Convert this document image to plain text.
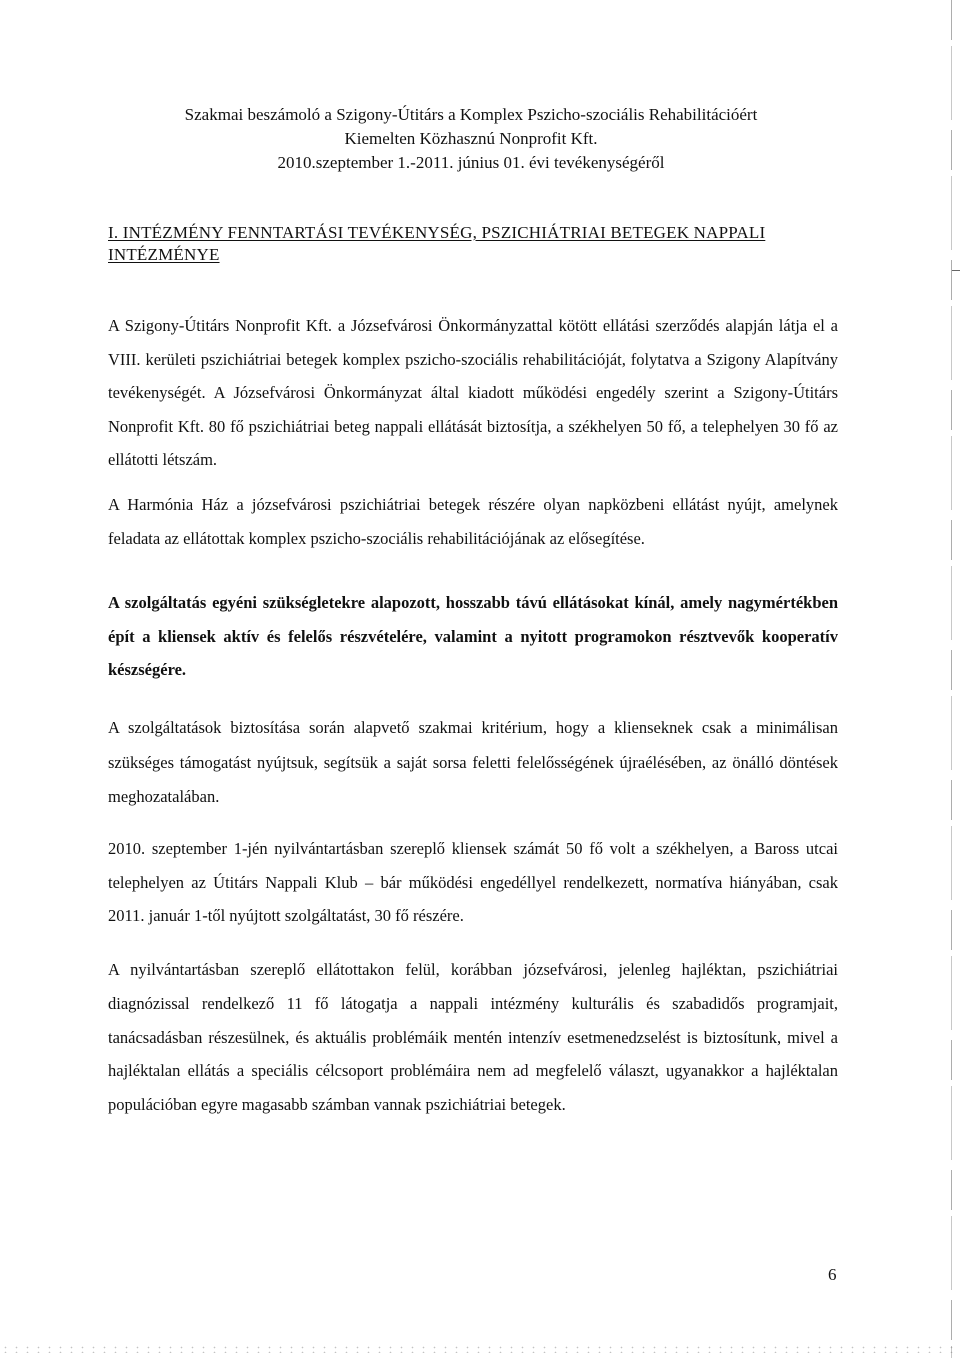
Szakmai beszámoló a Szigony-Útitárs a Komplex Pszicho-szociális Rehabilitációért
Kiemelten Közhasznú Nonprofit Kft.
2010.szeptember 1.-2011. június 01. évi tevékenységéről
I. INTÉZMÉNY FENNTARTÁSI TEVÉKENYSÉG, PSZICHIÁTRIAI BETEGEK NAPPALI INTÉZMÉNYE

A Szigony-Útitárs Nonprofit Kft. a Józsefvárosi Önkormányzattal kötött ellátási szerződés alapján látja el a VIII. kerületi pszichiátriai betegek komplex pszicho-szociális rehabilitációját, folytatva a Szigony Alapítvány tevékenységét. A Józsefvárosi Önkormányzat által kiadott működési engedély szerint a Szigony-Útitárs Nonprofit Kft. 80 fő pszichiátriai beteg nappali ellátását biztosítja, a székhelyen 50 fő, a telephelyen 30 fő az ellátotti létszám.

A Harmónia Ház a józsefvárosi pszichiátriai betegek részére olyan napközbeni ellátást nyújt, amelynek feladata az ellátottak komplex pszicho-szociális rehabilitációjának az elősegítése.

A szolgáltatás egyéni szükségletekre alapozott, hosszabb távú ellátásokat kínál, amely nagymértékben épít a kliensek aktív és felelős részvételére, valamint a nyitott programokon résztvevők kooperatív készségére.

A szolgáltatások biztosítása során alapvető szakmai kritérium, hogy a klienseknek csak a minimálisan szükséges támogatást nyújtsuk, segítsük a saját sorsa feletti felelősségének újraélésében, az önálló döntések meghozatalában.

2010. szeptember 1-jén nyilvántartásban szereplő kliensek számát 50 fő volt a székhelyen, a Baross utcai telephelyen az Útitárs Nappali Klub – bár működési engedéllyel rendelkezett, normatíva hiányában, csak 2011. január 1-től nyújtott szolgáltatást, 30 fő részére.

A nyilvántartásban szereplő ellátottakon felül, korábban józsefvárosi, jelenleg hajléktan, pszichiátriai diagnózissal rendelkező 11 fő látogatja a nappali intézmény kulturális és szabadidős programjait, tanácsadásban részesülnek, és aktuális problémáik mentén intenzív esetmenedzselést is biztosítunk, mivel a hajléktalan ellátás a speciális célcsoport problémáira nem ad megfelelő választ, ugyanakkor a hajléktalan populációban egyre magasabb számban vannak pszichiátriai betegek.

6
